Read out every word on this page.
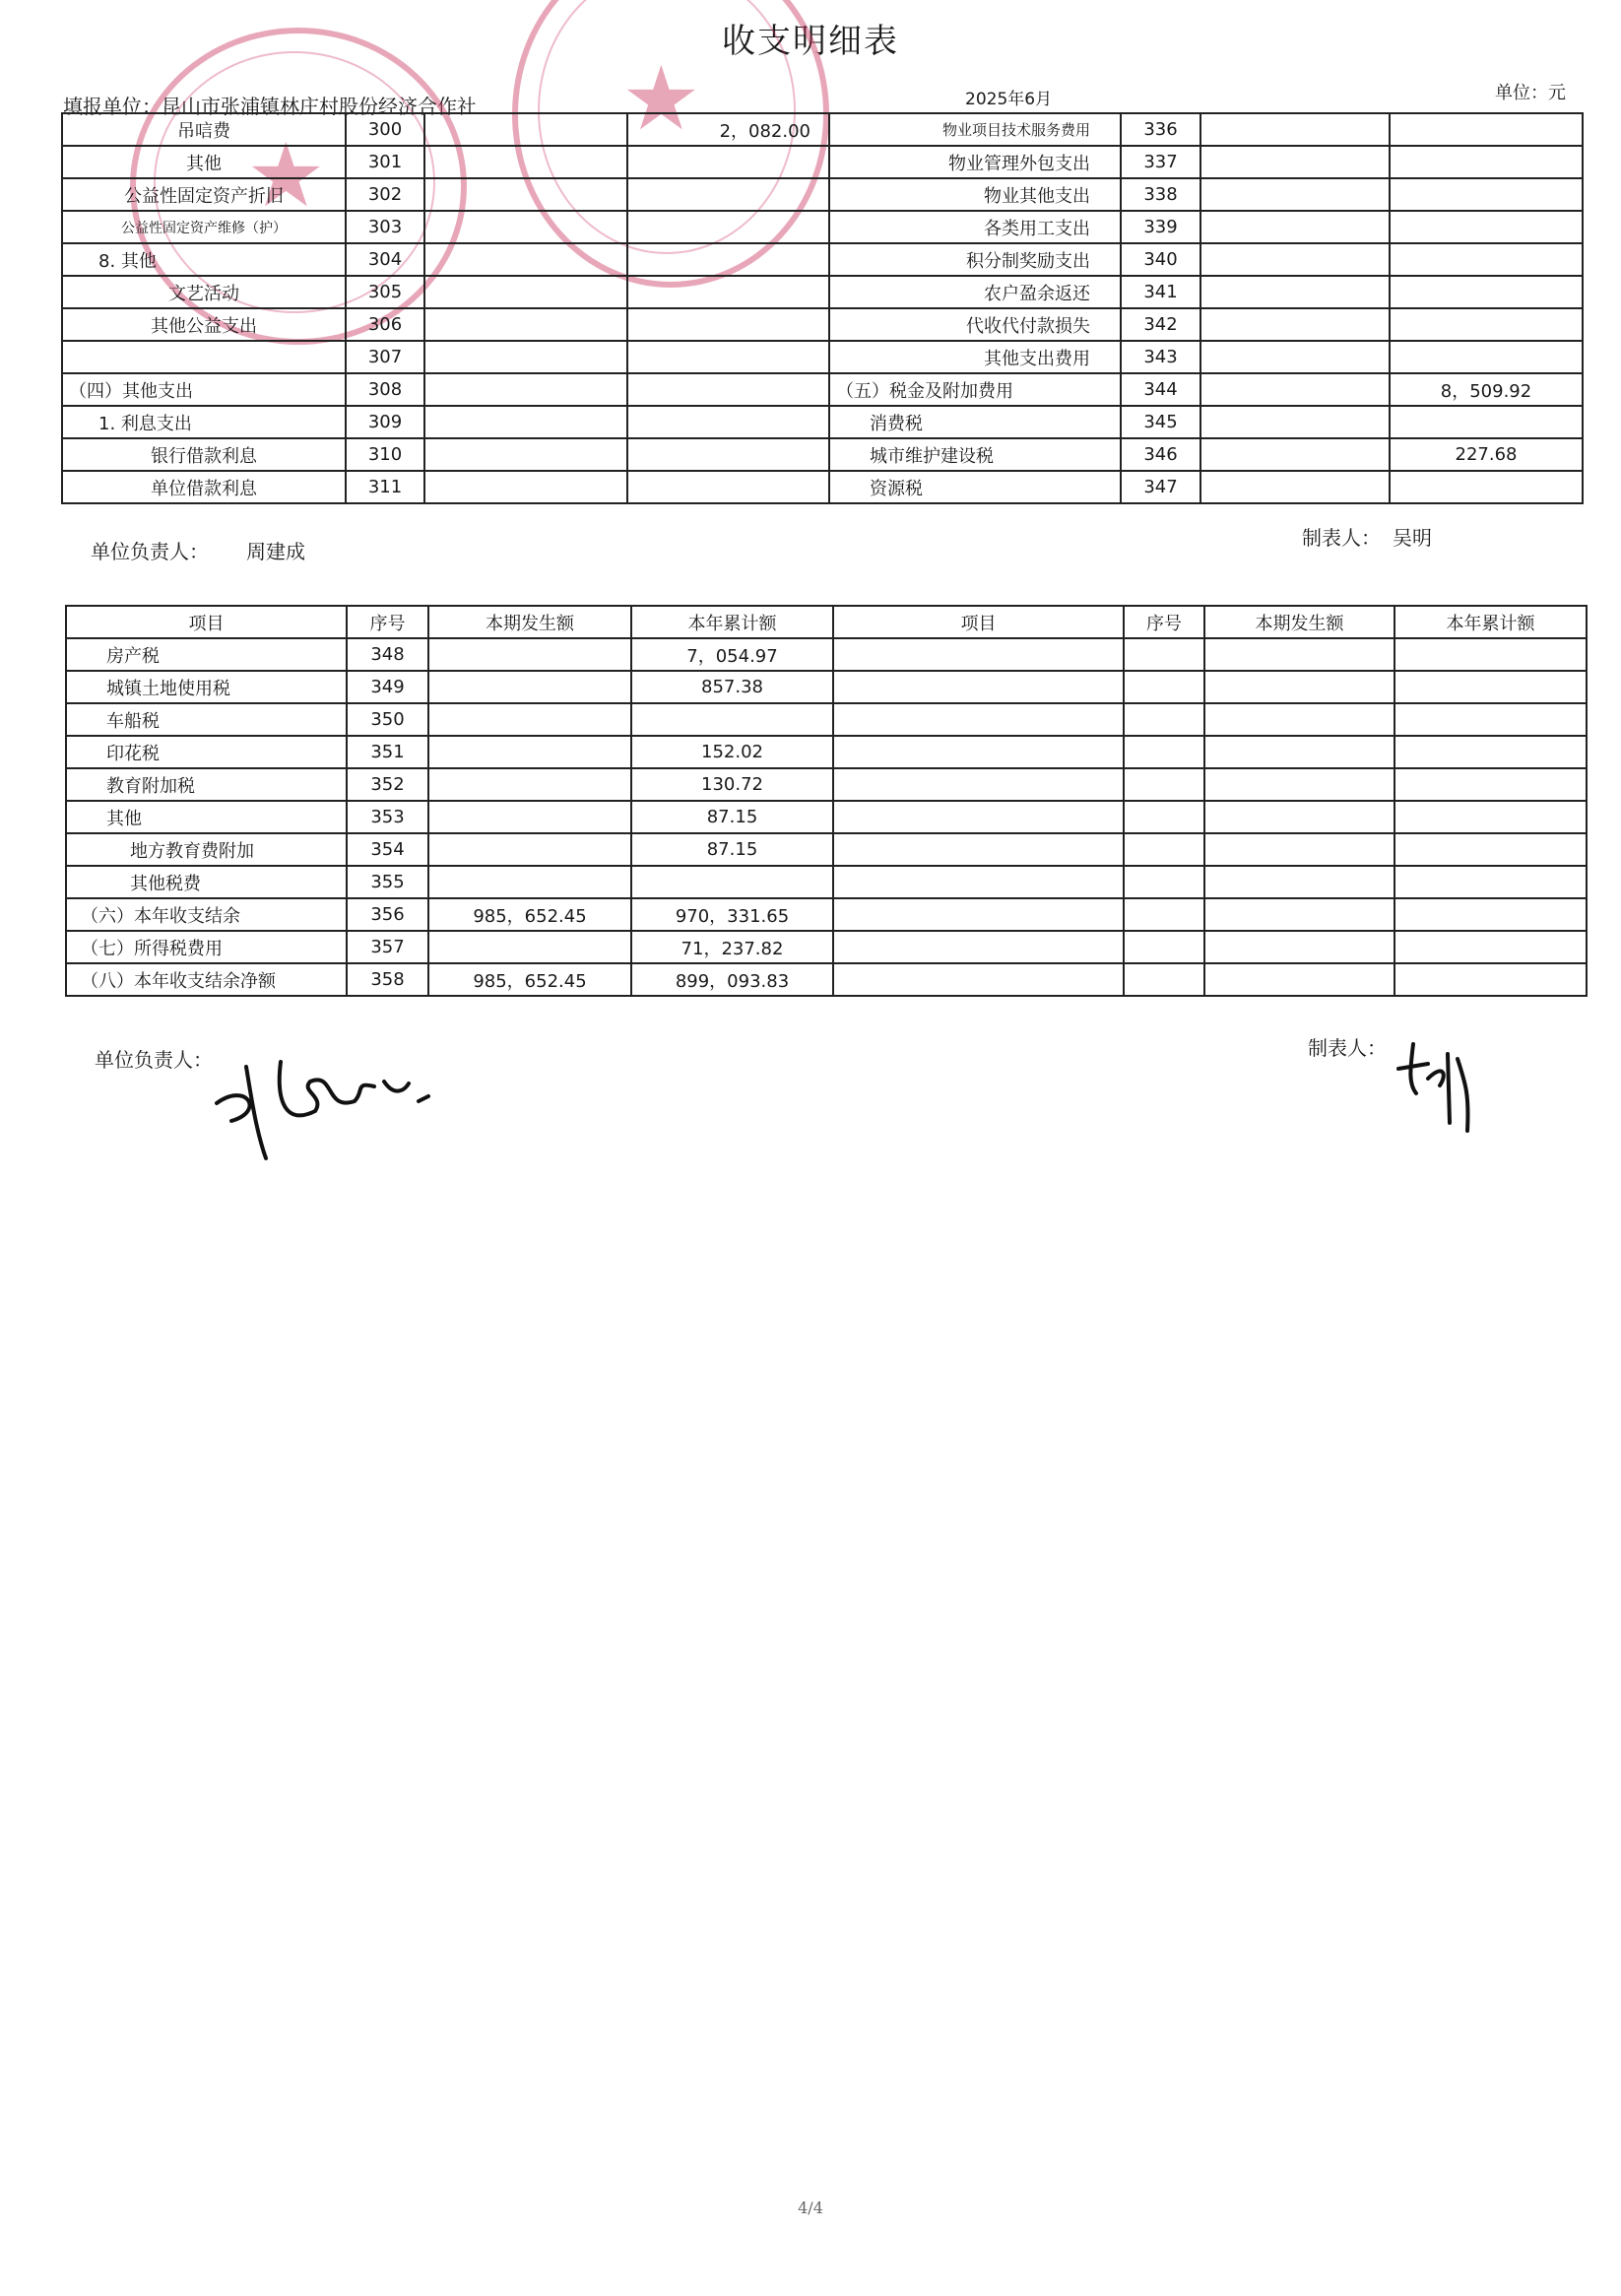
收支明细表
填报单位：昆山市张浦镇林庄村股份经济合作社	2025年6月	单位：元
★
★
吊唁费	300		2，082.00	物业项目技术服务费用	336		
其他	301			物业管理外包支出	337		
公益性固定资产折旧	302			物业其他支出	338		
公益性固定资产维修（护）	303			各类用工支出	339		
8. 其他	304			积分制奖励支出	340		
文艺活动	305			农户盈余返还	341		
其他公益支出	306			代收代付款损失	342		
	307			其他支出费用	343		
（四）其他支出	308			（五）税金及附加费用	344		8，509.92
1. 利息支出	309			消费税	345		
银行借款利息	310			城市维护建设税	346		227.68
单位借款利息	311			资源税	347		
单位负责人： 周建成
制表人： 吴明
项目	序号	本期发生额	本年累计额	项目	序号	本期发生额	本年累计额
房产税	348		7，054.97				
城镇土地使用税	349		857.38				
车船税	350						
印花税	351		152.02				
教育附加税	352		130.72				
其他	353		87.15				
地方教育费附加	354		87.15				
其他税费	355						
（六）本年收支结余	356	985，652.45	970，331.65				
（七）所得税费用	357		71，237.82				
（八）本年收支结余净额	358	985，652.45	899，093.83				
单位负责人：	制表人：
4/4
